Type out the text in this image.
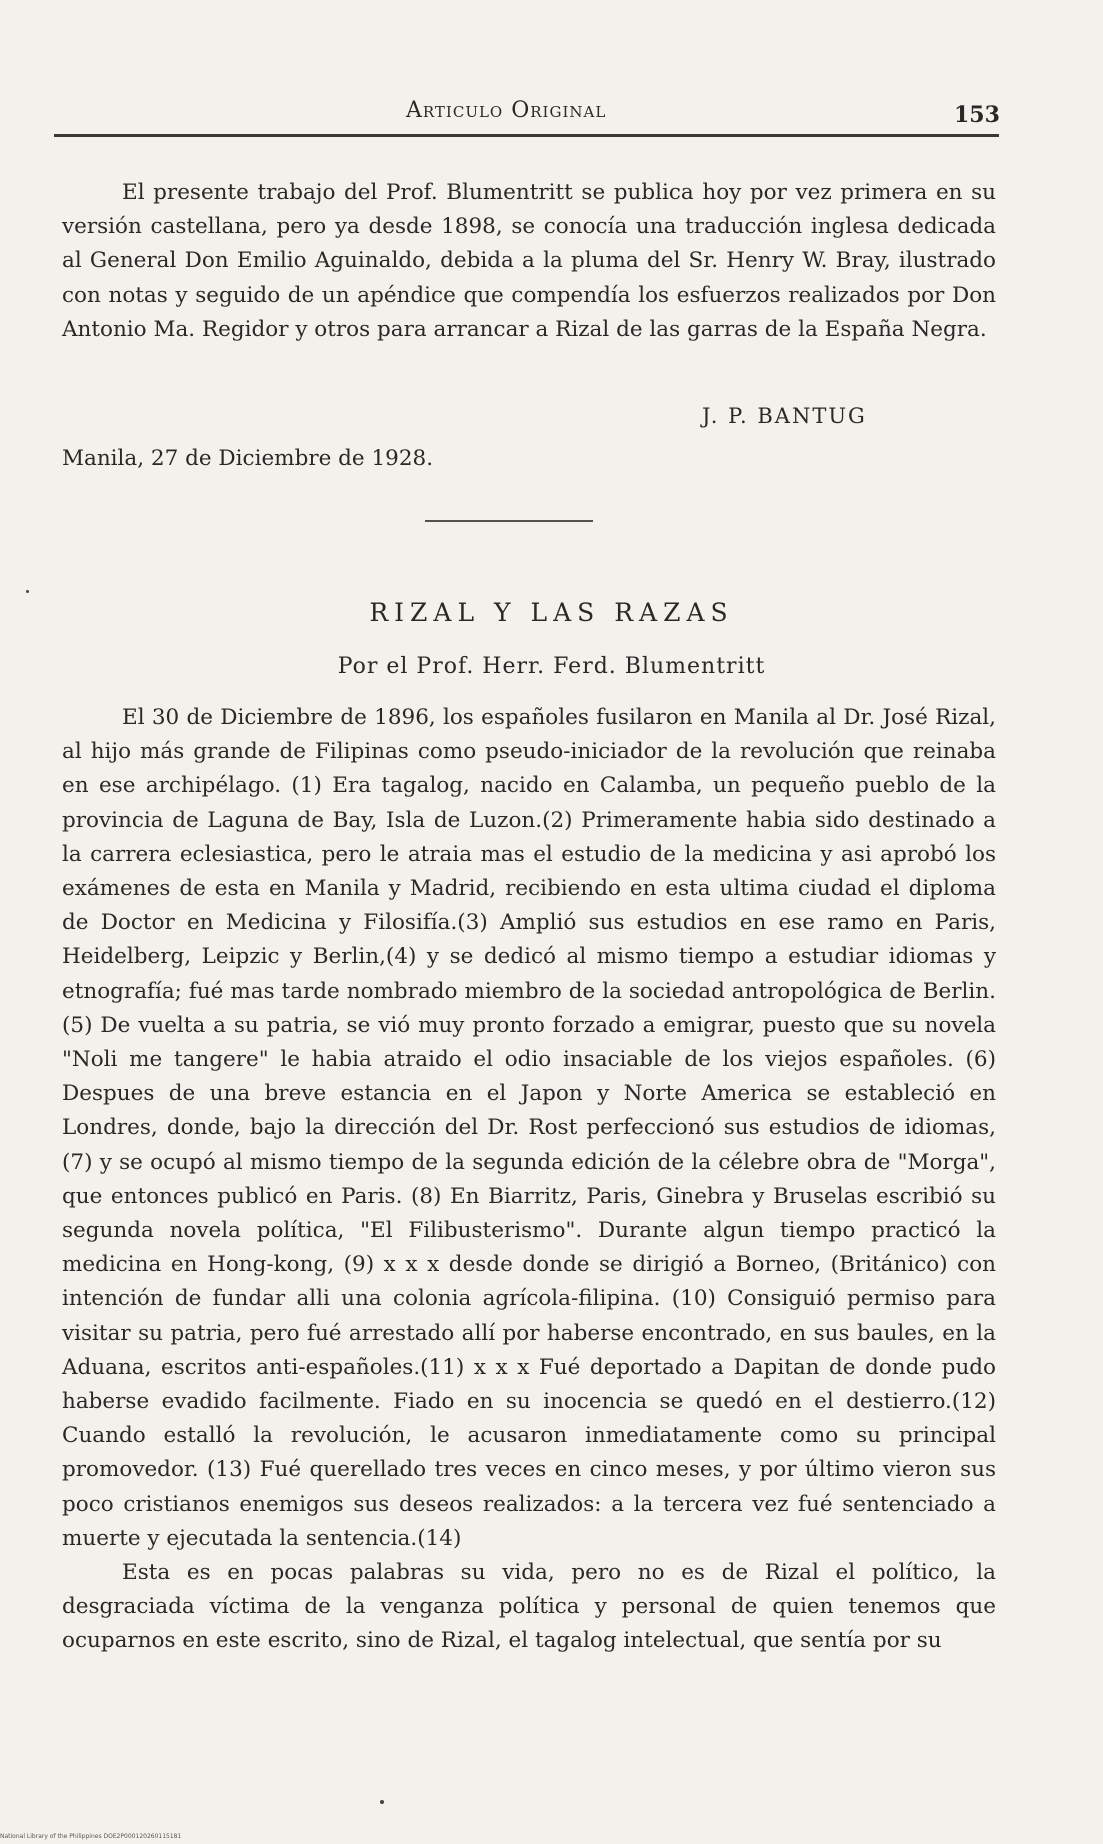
Articulo Original	153

El presente trabajo del Prof. Blumentritt se publica hoy por vez primera en su versión castellana, pero ya desde 1898, se conocía una traducción inglesa dedicada al General Don Emilio Aguinaldo, debida a la pluma del Sr. Henry W. Bray, ilustrado con notas y seguido de un apéndice que compendía los esfuerzos realizados por Don Antonio Ma. Regidor y otros para arrancar a Rizal de las garras de la España Negra.

J. P. BANTUG
Manila, 27 de Diciembre de 1928.
RIZAL Y LAS RAZAS
Por el Prof. Herr. Ferd. Blumentritt

El 30 de Diciembre de 1896, los españoles fusilaron en Manila al Dr. José Rizal, al hijo más grande de Filipinas como pseudo-iniciador de la revolución que reinaba en ese archipélago. (1) Era tagalog, nacido en Calamba, un pequeño pueblo de la provincia de Laguna de Bay, Isla de Luzon.(2) Primeramente habia sido destinado a la carrera eclesiastica, pero le atraia mas el estudio de la medicina y asi aprobó los exámenes de esta en Manila y Madrid, recibiendo en esta ultima ciudad el diploma de Doctor en Medicina y Filosifía.(3) Amplió sus estudios en ese ramo en Paris, Heidelberg, Leipzic y Berlin,(4) y se dedicó al mismo tiempo a estudiar idiomas y etnografía; fué mas tarde nombrado miembro de la sociedad antropológica de Berlin.(5) De vuelta a su patria, se vió muy pronto forzado a emigrar, puesto que su novela "Noli me tangere" le habia atraido el odio insaciable de los viejos españoles. (6) Despues de una breve estancia en el Japon y Norte America se estableció en Londres, donde, bajo la dirección del Dr. Rost perfeccionó sus estudios de idiomas, (7) y se ocupó al mismo tiempo de la segunda edición de la célebre obra de "Morga", que entonces publicó en Paris. (8) En Biarritz, Paris, Ginebra y Bruselas escribió su segunda novela política, "El Filibusterismo". Durante algun tiempo practicó la medicina en Hong-kong, (9) x x x desde donde se dirigió a Borneo, (Británico) con intención de fundar alli una colonia agrícola-filipina. (10) Consiguió permiso para visitar su patria, pero fué arrestado allí por haberse encontrado, en sus baules, en la Aduana, escritos anti-españoles.(11) x x x Fué deportado a Dapitan de donde pudo haberse evadido facilmente. Fiado en su inocencia se quedó en el destierro.(12) Cuando estalló la revolución, le acusaron inmediatamente como su principal promovedor. (13) Fué querellado tres veces en cinco meses, y por último vieron sus poco cristianos enemigos sus deseos realizados: a la tercera vez fué sentenciado a muerte y ejecutada la sentencia.(14)

Esta es en pocas palabras su vida, pero no es de Rizal el político, la desgraciada víctima de la venganza política y personal de quien tenemos que ocuparnos en este escrito, sino de Rizal, el tagalog intelectual, que sentía por su

National Library of the Philippines DOE2P000120260115181
